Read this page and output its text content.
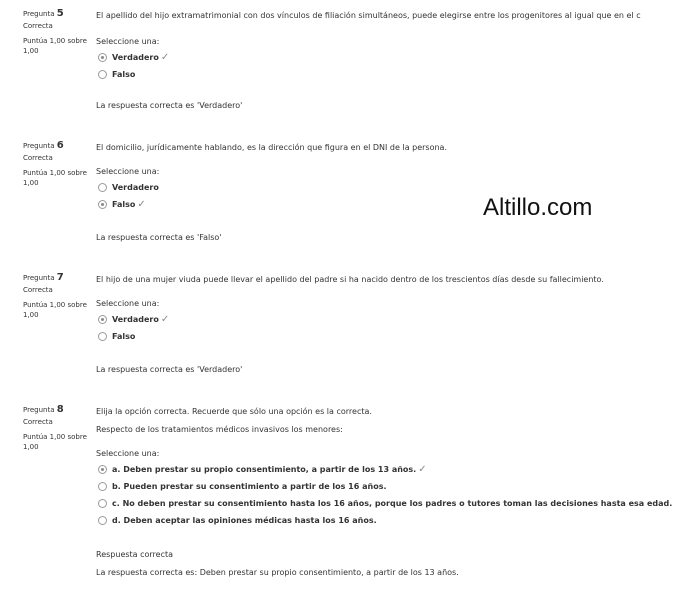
Pregunta 5
Correcta
Puntúa 1,00 sobre 1,00
El apellido del hijo extramatrimonial con dos vínculos de filiación simultáneos, puede elegirse entre los progenitores al igual que en el c
Seleccione una:
Verdadero ✓
Falso
La respuesta correcta es 'Verdadero'
Pregunta 6
Correcta
Puntúa 1,00 sobre 1,00
El domicilio, jurídicamente hablando, es la dirección que figura en el DNI de la persona.
Seleccione una:
Verdadero
Falso ✓
La respuesta correcta es 'Falso'
Pregunta 7
Correcta
Puntúa 1,00 sobre 1,00
El hijo de una mujer viuda puede llevar el apellido del padre si ha nacido dentro de los trescientos días desde su fallecimiento.
Seleccione una:
Verdadero ✓
Falso
La respuesta correcta es 'Verdadero'
Pregunta 8
Correcta
Puntúa 1,00 sobre 1,00
Elija la opción correcta. Recuerde que sólo una opción es la correcta.
Respecto de los tratamientos médicos invasivos los menores:
Seleccione una:
a. Deben prestar su propio consentimiento, a partir de los 13 años. ✓
b. Pueden prestar su consentimiento a partir de los 16 años.
c. No deben prestar su consentimiento hasta los 16 años, porque los padres o tutores toman las decisiones hasta esa edad.
d. Deben aceptar las opiniones médicas hasta los 16 años.
Respuesta correcta
La respuesta correcta es: Deben prestar su propio consentimiento, a partir de los 13 años.
Altillo.com
